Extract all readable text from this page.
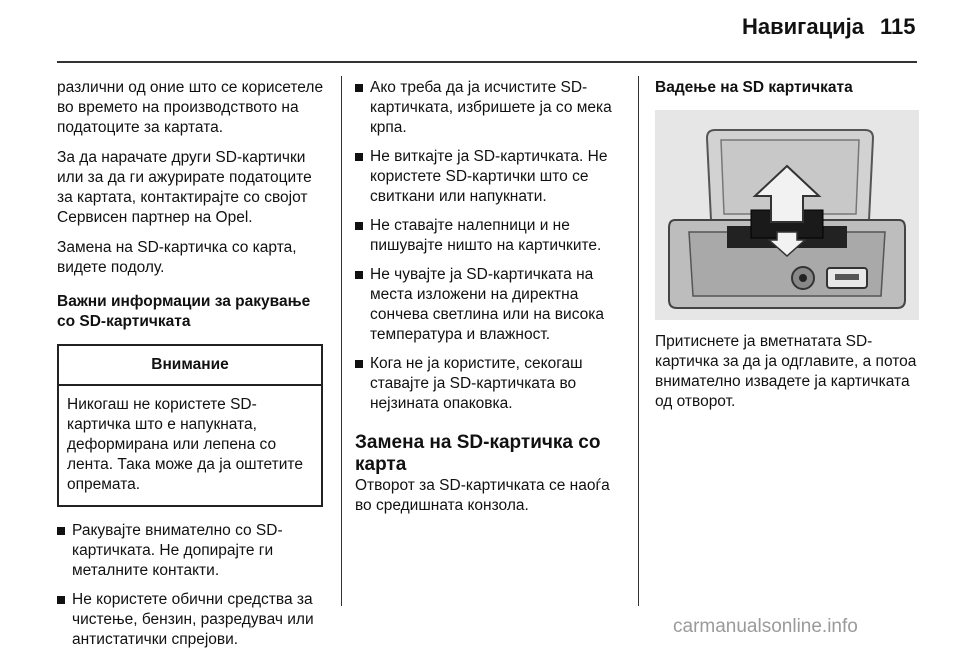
Навигација 115

различни од оние што се корисетеле во времето на производството на податоците за картата.

За да нарачате други SD-картички или за да ги ажурирате податоците за картата, контактирајте со својот Сервисен партнер на Opel.

Замена на SD-картичка со карта, видете подолу.

Важни информации за ракување со SD-картичката
Внимание
Никогаш не користете SD-картичка што е напукната, деформирана или лепена со лента. Така може да ја оштетите опремата.
Ракувајте внимателно со SD-картичката. Не допирајте ги металните контакти.
Не користете обични средства за чистење, бензин, разредувач или антистатички спрејови.
Ако треба да ја исчистите SD-картичката, избришете ја со мека крпа.
Не виткајте ја SD-картичката. Не користете SD-картички што се свиткани или напукнати.
Не ставајте налепници и не пишувајте ништо на картичките.
Не чувајте ја SD-картичката на места изложени на директна сончева светлина или на висока температура и влажност.
Кога не ја користите, секогаш ставајте ја SD-картичката во нејзината опаковка.
Замена на SD-картичка со карта

Отворот за SD-картичката се наоѓа во средишната конзола.

Вадење на SD картичката

Притиснете ја вметнатата SD-картичка за да ја одглавите, а потоа внимателно извадете ја картичката од отворот.

carmanualsonline.info
